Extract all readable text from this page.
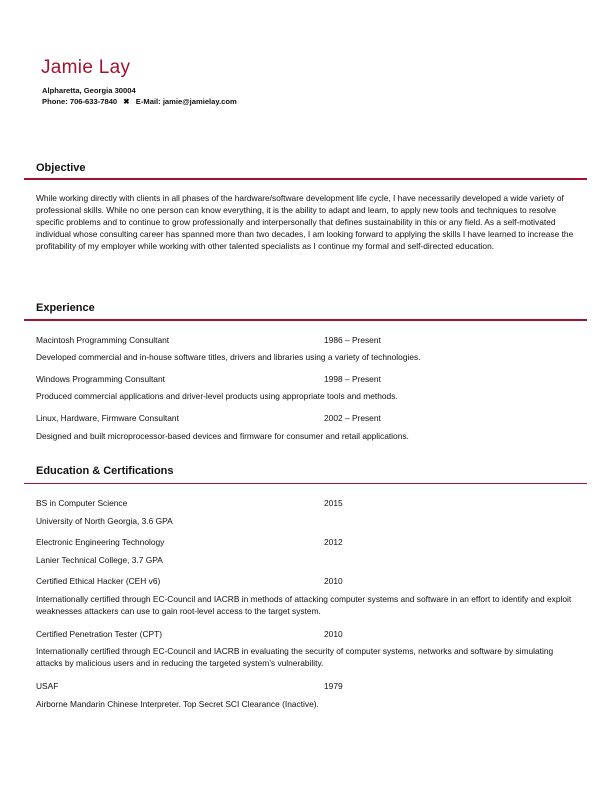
Jamie Lay
Alpharetta, Georgia 30004
Phone: 706-633-7840 ✖ E-Mail: jamie@jamielay.com
Objective
While working directly with clients in all phases of the hardware/software development life cycle, I have necessarily developed a wide variety of professional skills. While no one person can know everything, it is the ability to adapt and learn, to apply new tools and techniques to resolve specific problems and to continue to grow professionally and interpersonally that defines sustainability in this or any field. As a self-motivated individual whose consulting career has spanned more than two decades, I am looking forward to applying the skills I have learned to increase the profitability of my employer while working with other talented specialists as I continue my formal and self-directed education.
Experience
Macintosh Programming Consultant	1986 – Present
Developed commercial and in-house software titles, drivers and libraries using a variety of technologies.
Windows Programming Consultant	1998 – Present
Produced commercial applications and driver-level products using appropriate tools and methods.
Linux, Hardware, Firmware Consultant	2002 – Present
Designed and built microprocessor-based devices and firmware for consumer and retail applications.
Education & Certifications
BS in Computer Science	2015
University of North Georgia, 3.6 GPA
Electronic Engineering Technology	2012
Lanier Technical College, 3.7 GPA
Certified Ethical Hacker (CEH v6)	2010
Internationally certified through EC-Council and IACRB in methods of attacking computer systems and software in an effort to identify and exploit weaknesses attackers can use to gain root-level access to the target system.
Certified Penetration Tester (CPT)	2010
Internationally certified through EC-Council and IACRB in evaluating the security of computer systems, networks and software by simulating attacks by malicious users and in reducing the targeted system’s vulnerability.
USAF	1979
Airborne Mandarin Chinese Interpreter. Top Secret SCI Clearance (Inactive).
